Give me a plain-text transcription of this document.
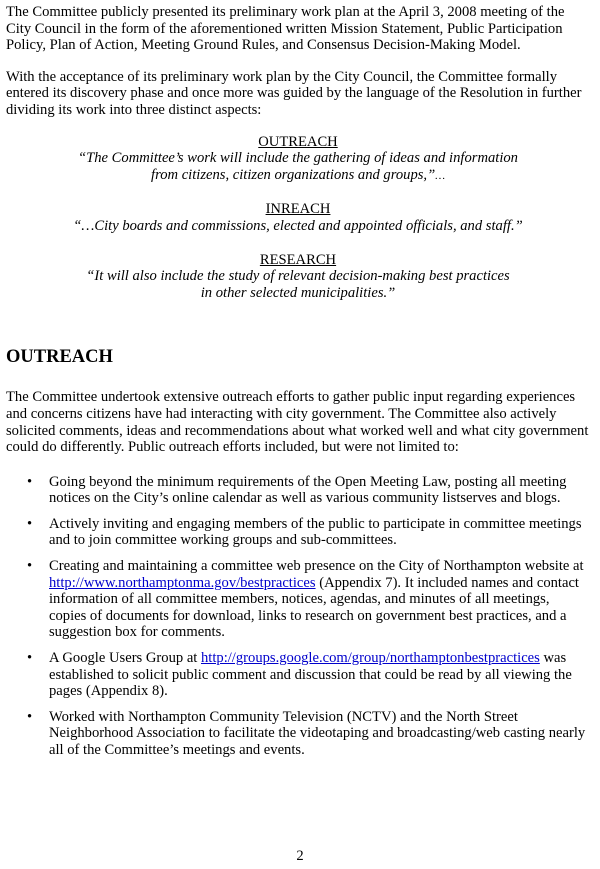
The Committee publicly presented its preliminary work plan at the April 3, 2008 meeting of the City Council in the form of the aforementioned written Mission Statement, Public Participation Policy, Plan of Action, Meeting Ground Rules, and Consensus Decision-Making Model.

With the acceptance of its preliminary work plan by the City Council, the Committee formally entered its discovery phase and once more was guided by the language of the Resolution in further dividing its work into three distinct aspects:

OUTREACH
“The Committee’s work will include the gathering of ideas and information
from citizens, citizen organizations and groups,”…
INREACH
“…City boards and commissions, elected and appointed officials, and staff.”
RESEARCH
“It will also include the study of relevant decision-making best practices
in other selected municipalities.”
OUTREACH

The Committee undertook extensive outreach efforts to gather public input regarding experiences and concerns citizens have had interacting with city government. The Committee also actively solicited comments, ideas and recommendations about what worked well and what city government could do differently. Public outreach efforts included, but were not limited to:

• Going beyond the minimum requirements of the Open Meeting Law, posting all meeting notices on the City’s online calendar as well as various community listserves and blogs.
• Actively inviting and engaging members of the public to participate in committee meetings and to join committee working groups and sub-committees.
• Creating and maintaining a committee web presence on the City of Northampton website at http://www.northamptonma.gov/bestpractices (Appendix 7). It included names and contact information of all committee members, notices, agendas, and minutes of all meetings, copies of documents for download, links to research on government best practices, and a suggestion box for comments.
• A Google Users Group at http://groups.google.com/group/northamptonbestpractices was established to solicit public comment and discussion that could be read by all viewing the pages (Appendix 8).
• Worked with Northampton Community Television (NCTV) and the North Street Neighborhood Association to facilitate the videotaping and broadcasting/web casting nearly all of the Committee’s meetings and events.
2
